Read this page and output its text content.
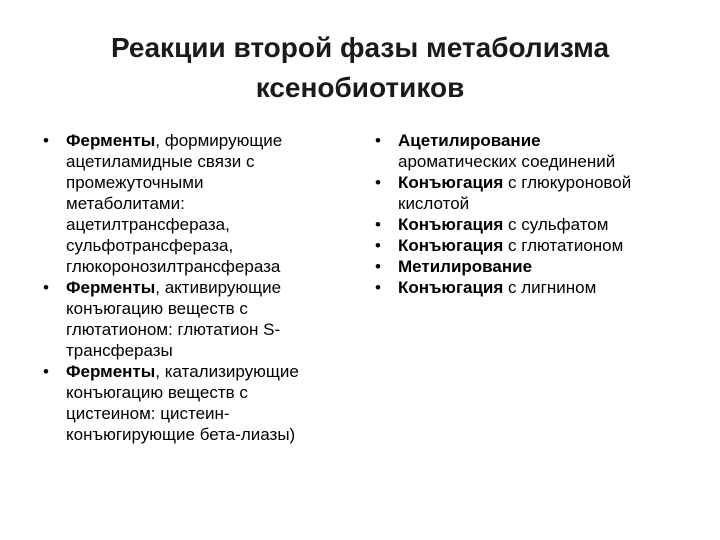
Реакции второй фазы метаболизма
ксенобиотиков
• Ферменты, формирующие
ацетиламидные связи с
промежуточными
метаболитами:
ацетилтрансфераза,
сульфотрансфераза,
глюкоронозилтрансфераза
• Ферменты, активирующие
конъюгацию веществ с
глютатионом: глютатион S-
трансферазы
• Ферменты, катализирующие
конъюгацию веществ с
цистеином: цистеин-
конъюгирующие бета-лиазы)
• Ацетилирование
ароматических соединений
• Конъюгация с глюкуроновой
кислотой
• Конъюгация с сульфатом
• Конъюгация с глютатионом
• Метилирование
• Конъюгация с лигнином
